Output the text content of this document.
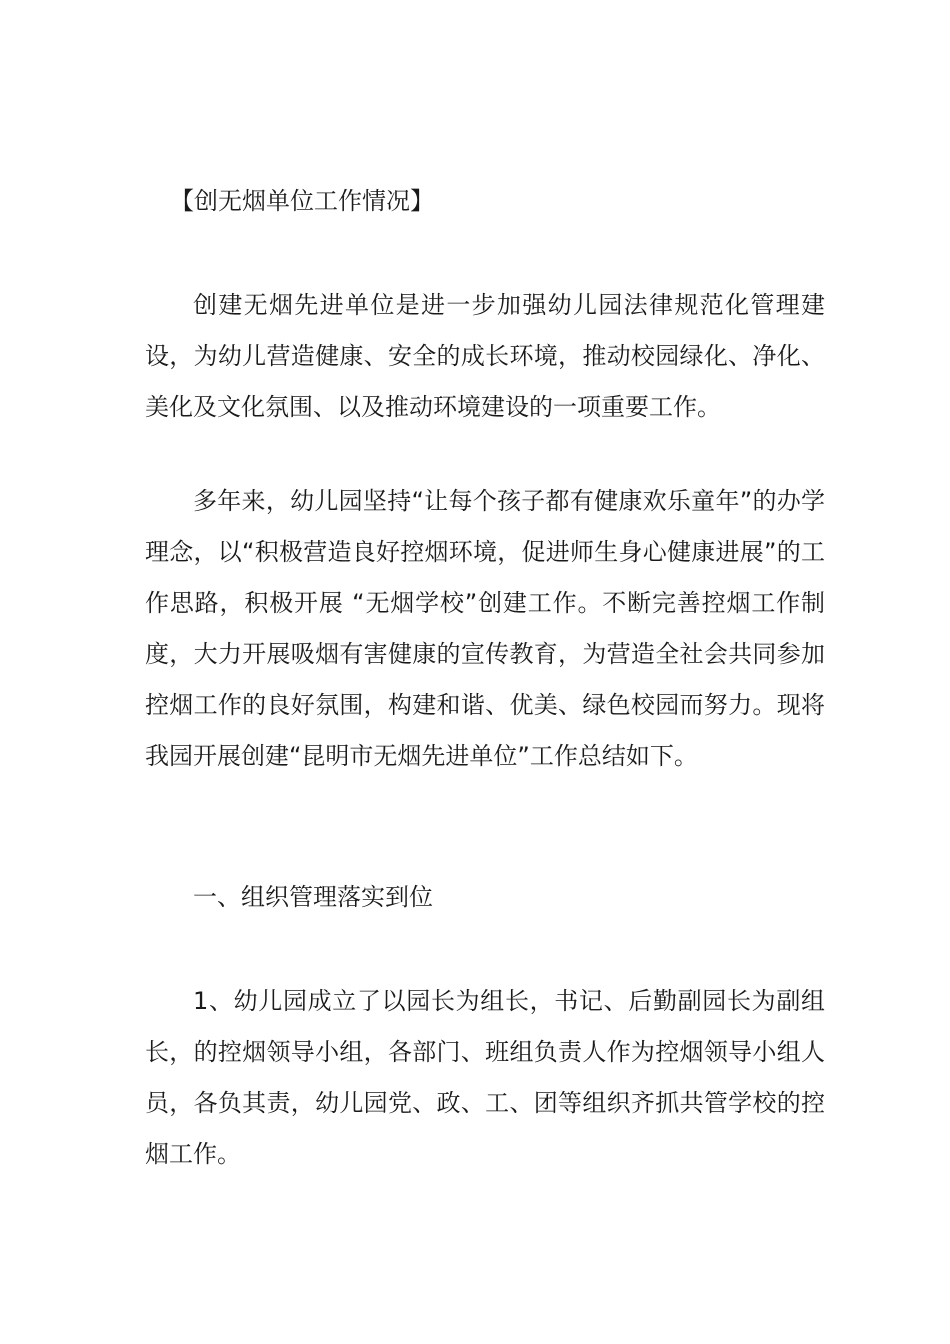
【创无烟单位工作情况】

创建无烟先进单位是进一步加强幼儿园法律规范化管理建设，为幼儿营造健康、安全的成长环境，推动校园绿化、净化、美化及文化氛围、以及推动环境建设的一项重要工作。

多年来，幼儿园坚持“让每个孩子都有健康欢乐童年”的办学理念，以“积极营造良好控烟环境，促进师生身心健康进展”的工作思路，积极开展 “无烟学校”创建工作。不断完善控烟工作制度，大力开展吸烟有害健康的宣传教育，为营造全社会共同参加控烟工作的良好氛围，构建和谐、优美、绿色校园而努力。现将我园开展创建“昆明市无烟先进单位”工作总结如下。

一、组织管理落实到位

1、幼儿园成立了以园长为组长，书记、后勤副园长为副组长，的控烟领导小组，各部门、班组负责人作为控烟领导小组人员，各负其责，幼儿园党、政、工、团等组织齐抓共管学校的控烟工作。
